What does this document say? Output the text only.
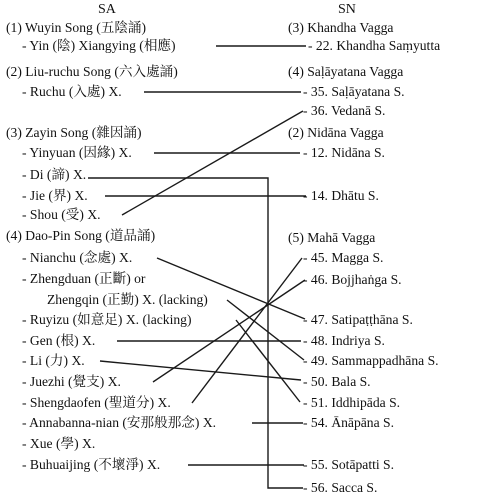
SA	SN
(1) Wuyin Song (五陰誦)
- Yin (陰) Xiangying (相應)
(2) Liu-ruchu Song (六入處誦)
- Ruchu (入處) X.
(3) Zayin Song (雜因誦)
- Yinyuan (因緣) X.
- Di (諦) X.
- Jie (界) X.
- Shou (受) X.
(4) Dao-Pin Song (道品誦)
- Nianchu (念處) X.
- Zhengduan (正斷) or
Zhengqin (正勤) X. (lacking)
- Ruyizu (如意足) X. (lacking)
- Gen (根) X.
- Li (力) X.
- Juezhi (覺支) X.
- Shengdaofen (聖道分) X.
- Annabanna-nian (安那般那念) X.
- Xue (學) X.
- Buhuaijing (不壞淨) X.
(3) Khandha Vagga
- 22. Khandha Saṃyutta
(4) Saḷāyatana Vagga
- 35. Saḷāyatana S.
- 36. Vedanā S.
(2) Nidāna Vagga
- 12. Nidāna S.
- 14. Dhātu S.
(5) Mahā Vagga
- 45. Magga S.
- 46. Bojjhaṅga S.
- 47. Satipaṭṭhāna S.
- 48. Indriya S.
- 49. Sammappadhāna S.
- 50. Bala S.
- 51. Iddhipāda S.
- 54. Ānāpāna S.
- 55. Sotāpatti S.
- 56. Sacca S.
